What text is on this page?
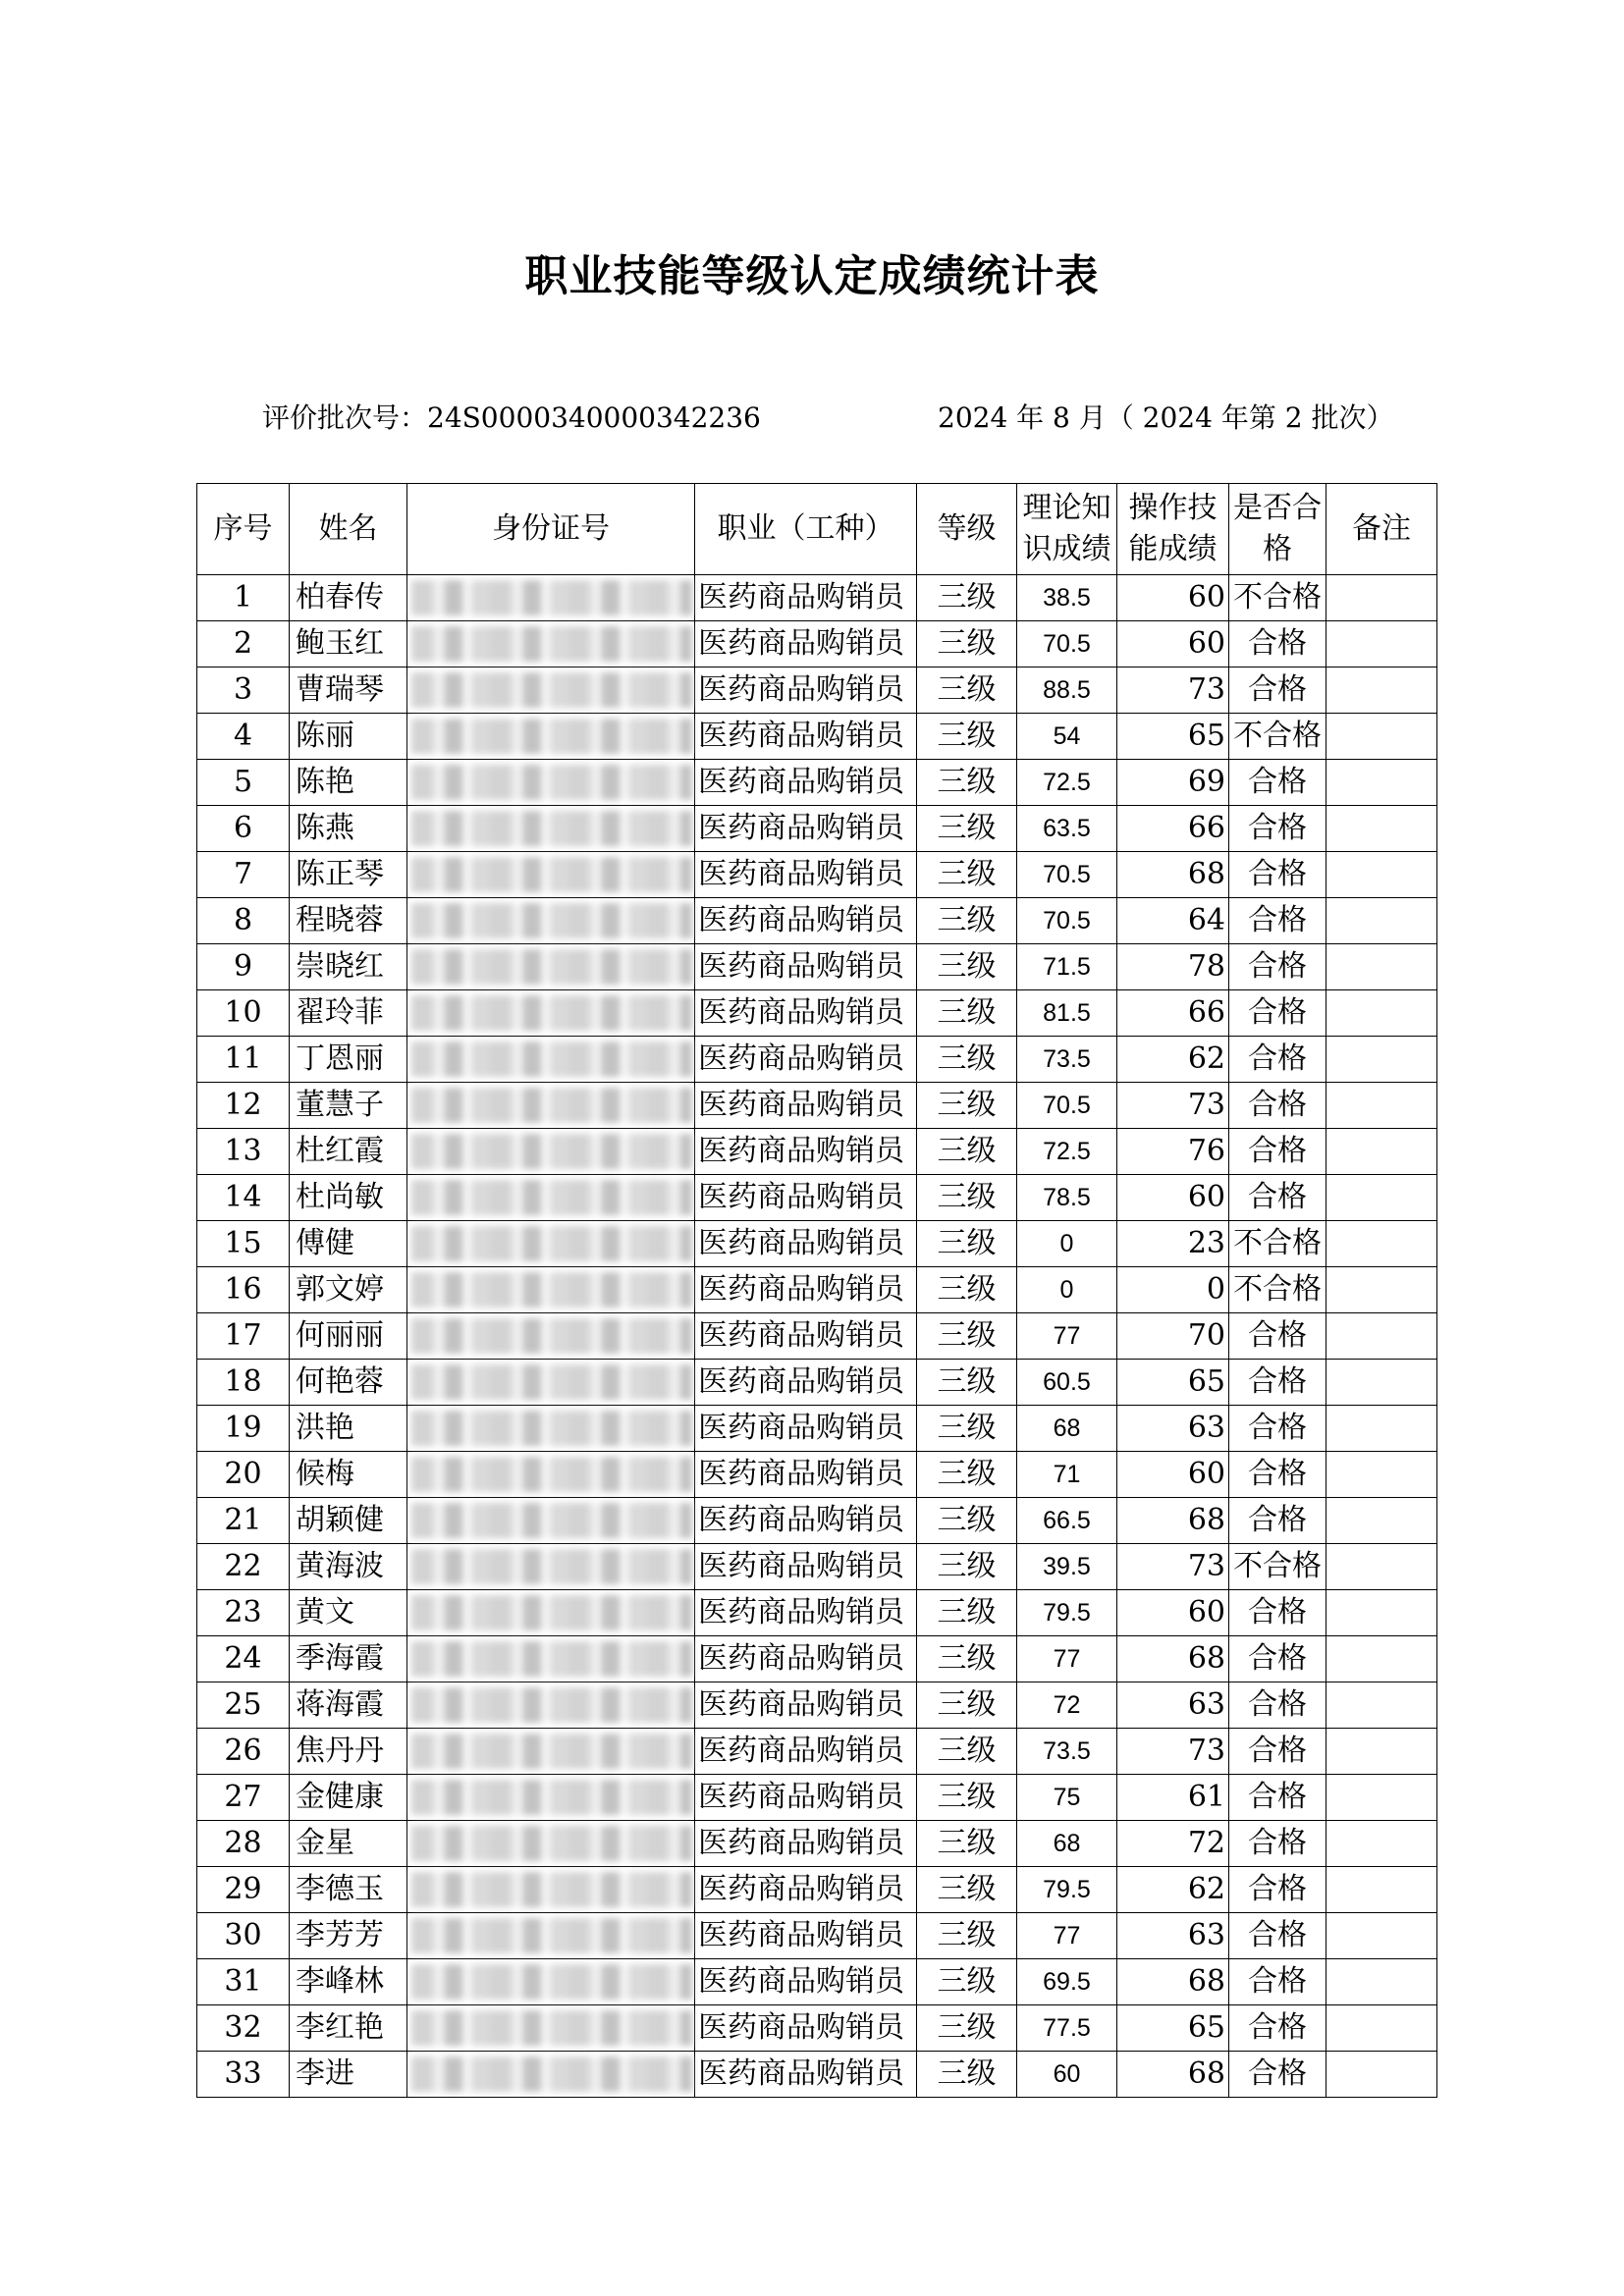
职业技能等级认定成绩统计表
评价批次号：24S0000340000342236	2024 年 8 月（ 2024 年第 2 批次）
序号	姓名	身份证号	职业（工种）	等级	理论知识成绩	操作技能成绩	是否合格	备注
1	柏春传		医药商品购销员	三级	38.5	60	不合格	
2	鲍玉红		医药商品购销员	三级	70.5	60	合格	
3	曹瑞琴		医药商品购销员	三级	88.5	73	合格	
4	陈丽		医药商品购销员	三级	54	65	不合格	
5	陈艳		医药商品购销员	三级	72.5	69	合格	
6	陈燕		医药商品购销员	三级	63.5	66	合格	
7	陈正琴		医药商品购销员	三级	70.5	68	合格	
8	程晓蓉		医药商品购销员	三级	70.5	64	合格	
9	崇晓红		医药商品购销员	三级	71.5	78	合格	
10	翟玲菲		医药商品购销员	三级	81.5	66	合格	
11	丁恩丽		医药商品购销员	三级	73.5	62	合格	
12	董慧子		医药商品购销员	三级	70.5	73	合格	
13	杜红霞		医药商品购销员	三级	72.5	76	合格	
14	杜尚敏		医药商品购销员	三级	78.5	60	合格	
15	傅健		医药商品购销员	三级	0	23	不合格	
16	郭文婷		医药商品购销员	三级	0	0	不合格	
17	何丽丽		医药商品购销员	三级	77	70	合格	
18	何艳蓉		医药商品购销员	三级	60.5	65	合格	
19	洪艳		医药商品购销员	三级	68	63	合格	
20	候梅		医药商品购销员	三级	71	60	合格	
21	胡颖健		医药商品购销员	三级	66.5	68	合格	
22	黄海波		医药商品购销员	三级	39.5	73	不合格	
23	黄文		医药商品购销员	三级	79.5	60	合格	
24	季海霞		医药商品购销员	三级	77	68	合格	
25	蒋海霞		医药商品购销员	三级	72	63	合格	
26	焦丹丹		医药商品购销员	三级	73.5	73	合格	
27	金健康		医药商品购销员	三级	75	61	合格	
28	金星		医药商品购销员	三级	68	72	合格	
29	李德玉		医药商品购销员	三级	79.5	62	合格	
30	李芳芳		医药商品购销员	三级	77	63	合格	
31	李峰林		医药商品购销员	三级	69.5	68	合格	
32	李红艳		医药商品购销员	三级	77.5	65	合格	
33	李进		医药商品购销员	三级	60	68	合格	
